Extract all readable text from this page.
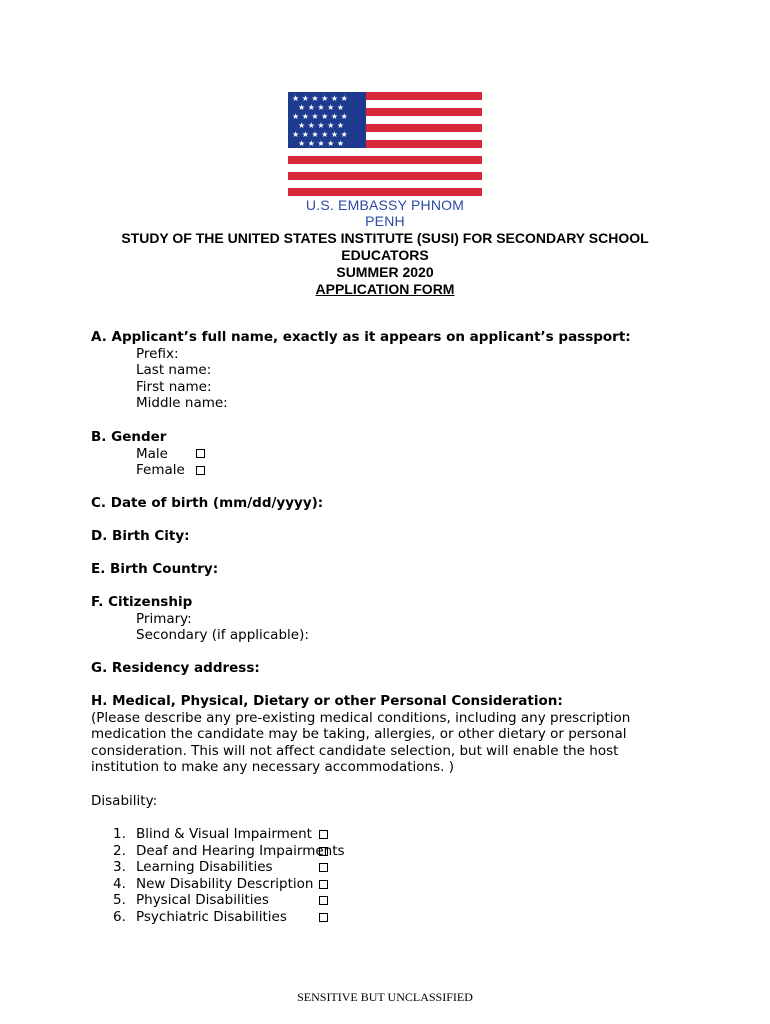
★ ★ ★ ★ ★ ★
★ ★ ★ ★ ★
★ ★ ★ ★ ★ ★
★ ★ ★ ★ ★
★ ★ ★ ★ ★ ★
★ ★ ★ ★ ★
U.S. EMBASSY PHNOM PENH
STUDY OF THE UNITED STATES INSTITUTE (SUSI) FOR SECONDARY SCHOOL
EDUCATORS
SUMMER 2020
APPLICATION FORM
A. Applicant’s full name, exactly as it appears on applicant’s passport:
Prefix:
Last name:
First name:
Middle name:
B. Gender
Male
Female
C. Date of birth (mm/dd/yyyy):
D. Birth City:
E. Birth Country:
F. Citizenship
Primary:
Secondary (if applicable):
G. Residency address:
H. Medical, Physical, Dietary or other Personal Consideration:
(Please describe any pre-existing medical conditions, including any prescription medication the candidate may be taking, allergies, or other dietary or personal consideration. This will not affect candidate selection, but will enable the host institution to make any necessary accommodations. )
Disability:
1. Blind & Visual Impairment
2. Deaf and Hearing Impairments
3. Learning Disabilities
4. New Disability Description
5. Physical Disabilities
6. Psychiatric Disabilities
SENSITIVE BUT UNCLASSIFIED
